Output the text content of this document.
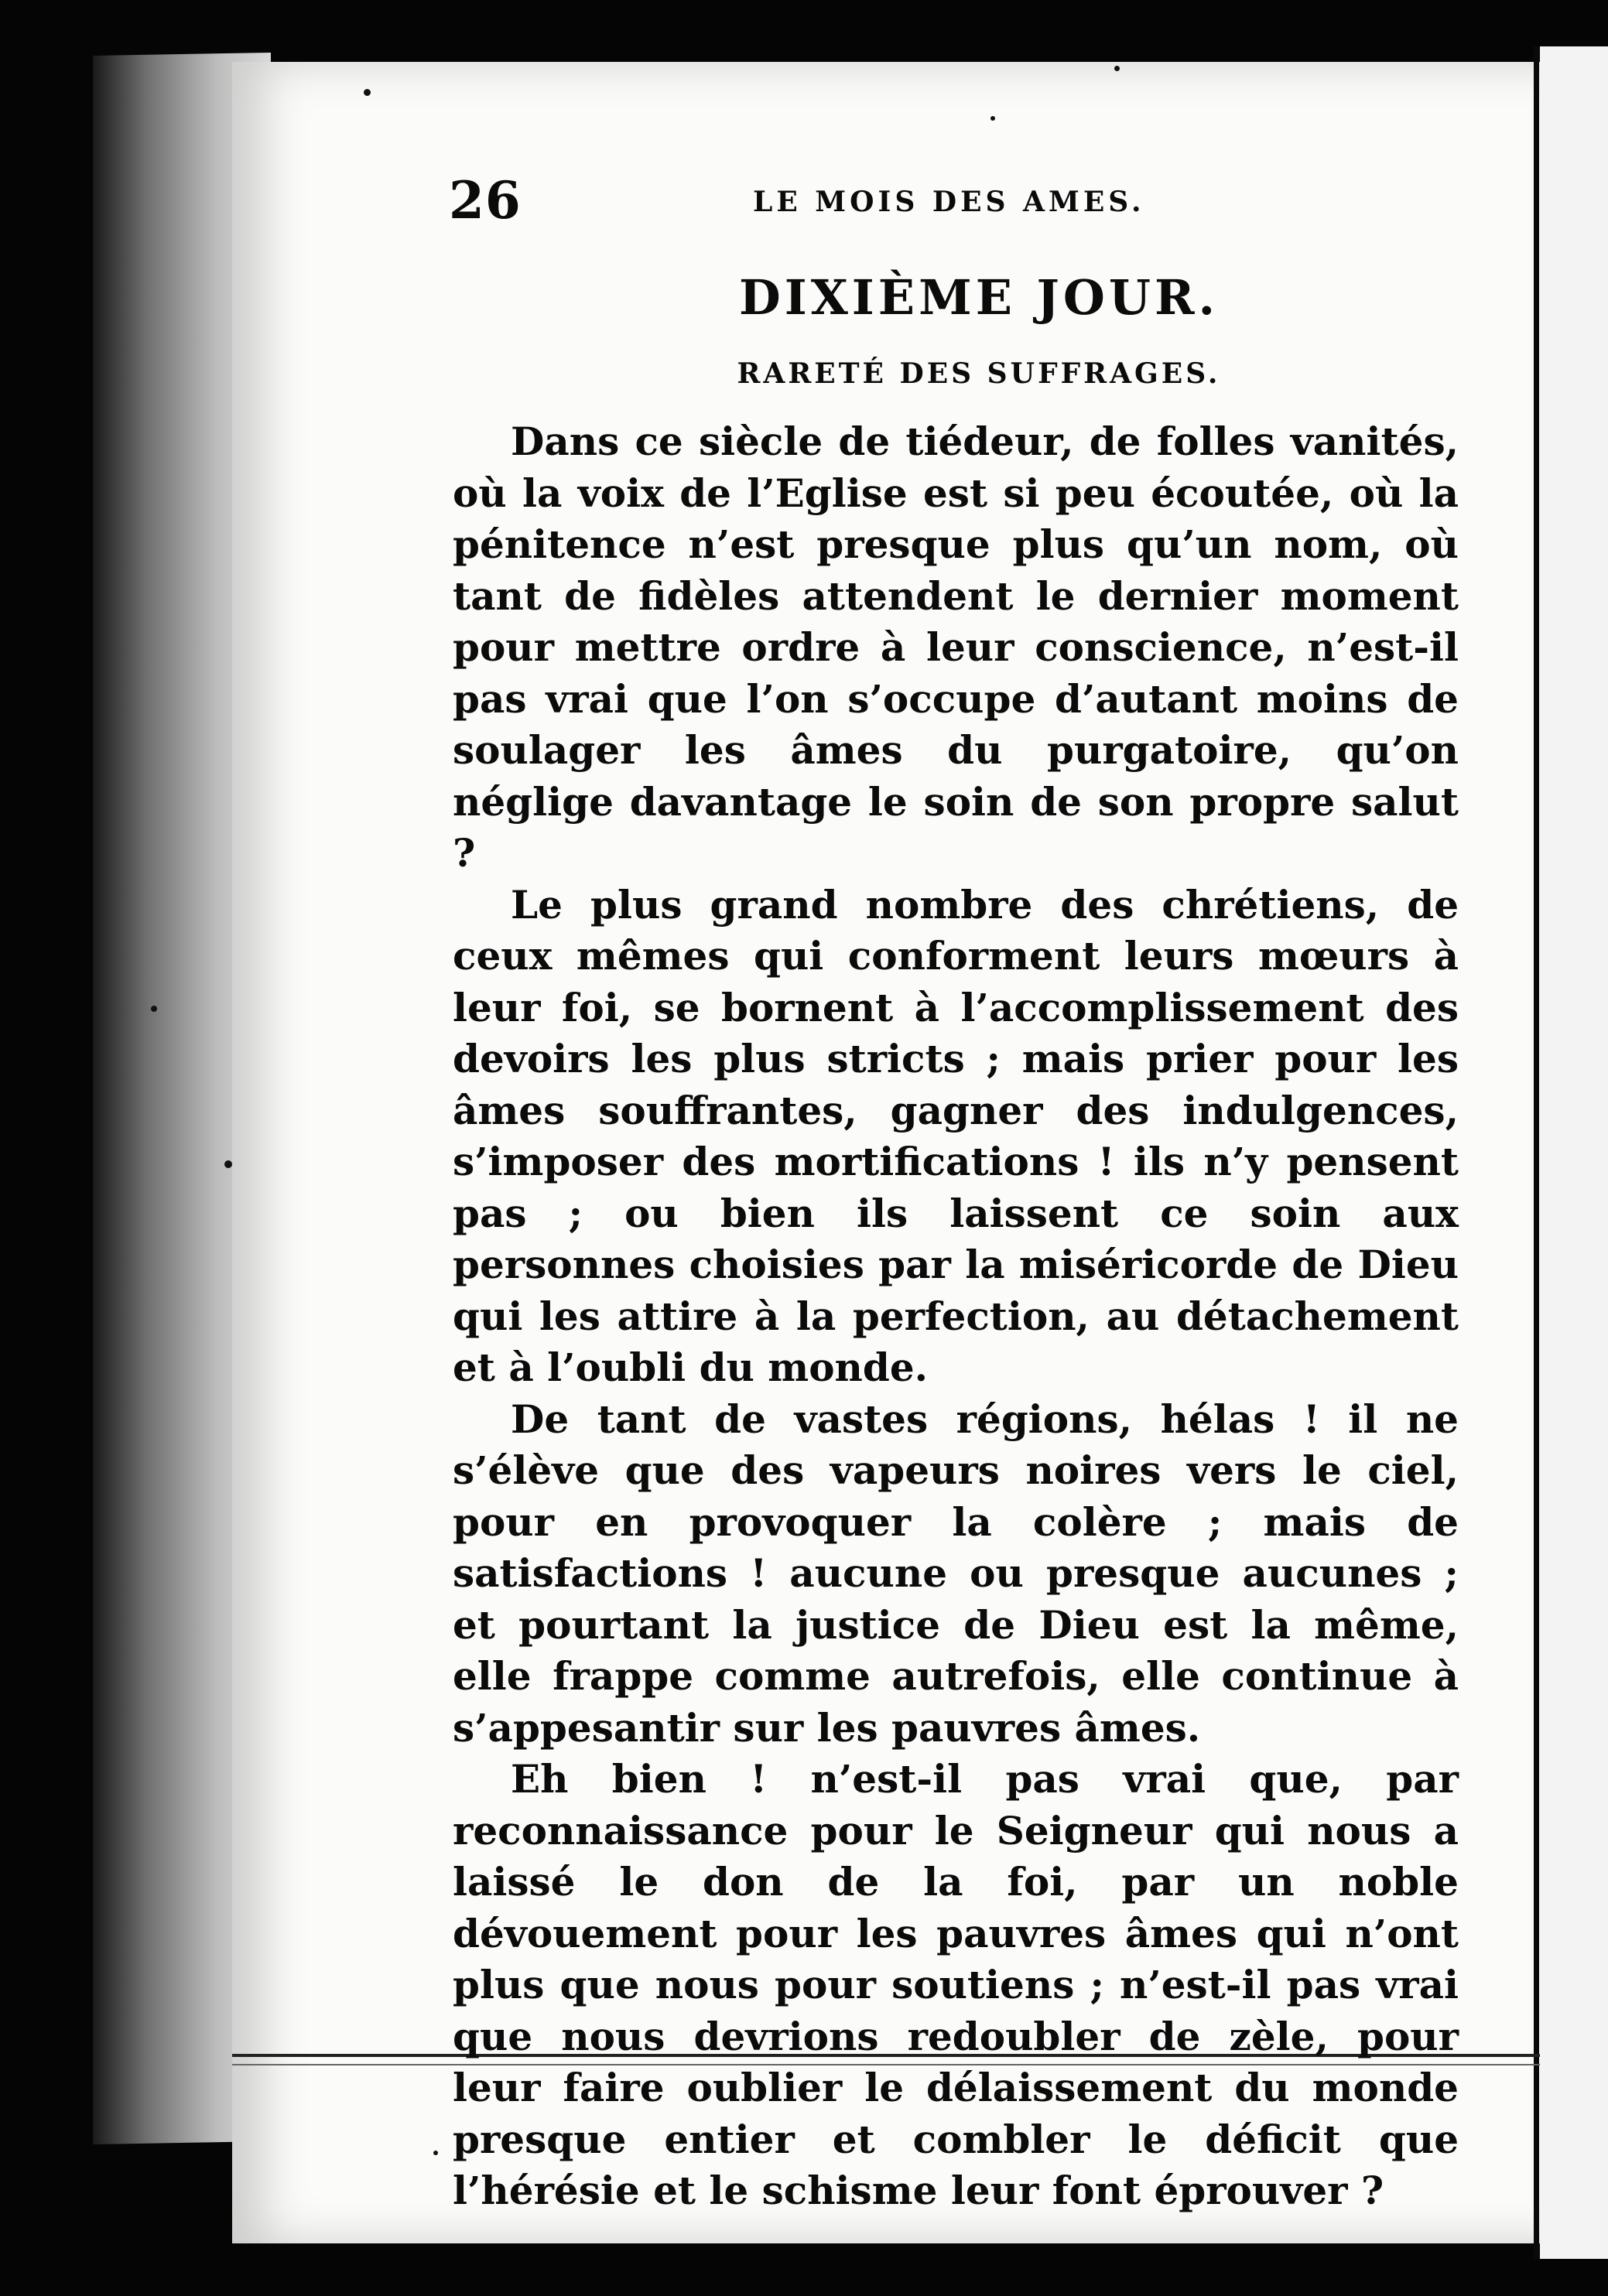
26	LE MOIS DES AMES.
DIXIÈME JOUR.
RARETÉ DES SUFFRAGES.

Dans ce siècle de tiédeur, de folles vanités, où la voix de l’Eglise est si peu écoutée, où la pénitence n’est presque plus qu’un nom, où tant de fidèles attendent le dernier moment pour mettre ordre à leur conscience, n’est-il pas vrai que l’on s’occupe d’autant moins de soulager les âmes du purgatoire, qu’on néglige davantage le soin de son propre salut ?

Le plus grand nombre des chrétiens, de ceux mêmes qui conforment leurs mœurs à leur foi, se bornent à l’accomplissement des devoirs les plus stricts ; mais prier pour les âmes souffrantes, gagner des indulgences, s’imposer des mortifications ! ils n’y pensent pas ; ou bien ils laissent ce soin aux personnes choisies par la miséricorde de Dieu qui les attire à la perfection, au détachement et à l’oubli du monde.

De tant de vastes régions, hélas ! il ne s’élève que des vapeurs noires vers le ciel, pour en provoquer la colère ; mais de satisfactions ! aucune ou presque aucunes ; et pourtant la justice de Dieu est la même, elle frappe comme autrefois, elle continue à s’appesantir sur les pauvres âmes.

Eh bien ! n’est-il pas vrai que, par reconnaissance pour le Seigneur qui nous a laissé le don de la foi, par un noble dévouement pour les pauvres âmes qui n’ont plus que nous pour soutiens ; n’est-il pas vrai que nous devrions redoubler de zèle, pour leur faire oublier le délaissement du monde presque entier et combler le déficit que l’hérésie et le schisme leur font éprouver ?
